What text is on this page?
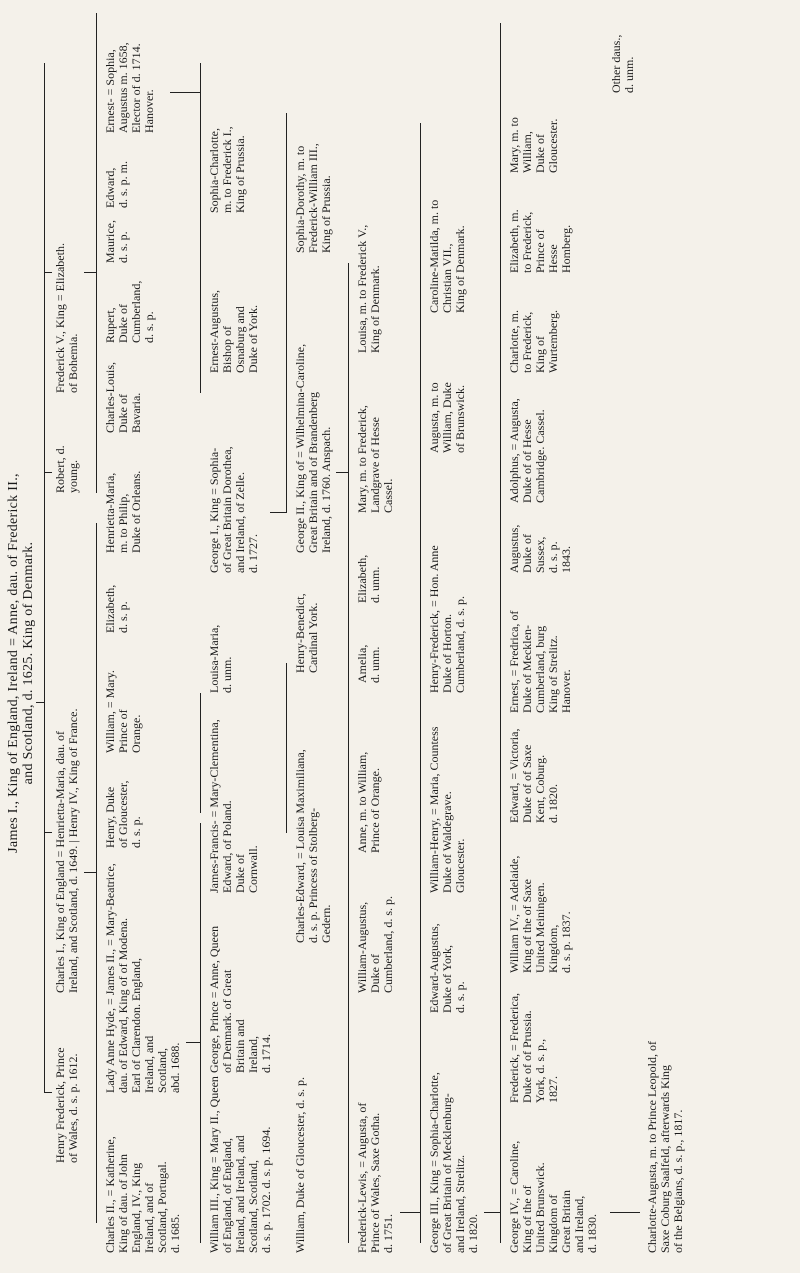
James I., King of England, Ireland = Anne, dau. of Frederick II.,
and Scotland, d. 1625. King of Denmark.
Henry Frederick, Prince
of Wales, d. s. p. 1612.
Charles I., King of England = Henrietta-Maria, dau. of
Ireland, and Scotland, d. 1649. | Henry IV., King of France.
Robert, d.
young.
Frederick V., King = Elizabeth.
of Bohemia.
Charles II., = Katherine,
King of dau. of John
England, IV., King
Ireland, and of
Scotland, Portugal.
d. 1685.
Lady Anne Hyde, = James II., = Mary-Beatrice,
dau. of Edward, King of of Modena.
Earl of Clarendon. England,
Ireland, and
Scotland,
abd. 1688.
Henry, Duke
of Gloucester,
d. s. p.
William, = Mary.
Prince of
Orange.
Elizabeth,
d. s. p.
Henrietta-Maria,
m. to Philip,
Duke of Orleans.
Charles-Louis,
Duke of
Bavaria.
Rupert,
Duke of
Cumberland,
d. s. p.
Maurice,
d. s. p.
Edward,
d. s. p. m.
Ernest- = Sophia,
Augustus m. 1658,
Elector of d. 1714.
Hanover.
William III., King = Mary II., Queen
of England, of England,
Ireland, and Ireland, and
Scotland, Scotland,
d. s. p. 1702. d. s. p. 1694.
George, Prince = Anne, Queen
of Denmark. of Great
Britain and
Ireland,
d. 1714.
James-Francis- = Mary-Clementina,
Edward, of Poland.
Duke of
Cornwall.
Louisa-Maria,
d. unm.
George I., King = Sophia-
of Great Britain Dorothea,
and Ireland, of Zelle.
d. 1727.
Ernest-Augustus,
Bishop of
Osnaburg and
Duke of York.
Sophia-Charlotte,
m. to Frederick I.,
King of Prussia.
William, Duke of Gloucester, d. s. p.
Charles-Edward, = Louisa Maximiliana,
d. s. p. Princess of Stolberg-
Gedern.
Henry-Benedict,
Cardinal York.
George II., King of = Wilhelmina-Caroline,
Great Britain and of Brandenberg
Ireland, d. 1760. Anspach.
Sophia-Dorothy, m. to
Frederick-William III.,
King of Prussia.
Frederick-Lewis, = Augusta, of
Prince of Wales, Saxe Gotha.
d. 1751.
William-Augustus,
Duke of
Cumberland, d. s. p.
Anne, m. to William,
Prince of Orange.
Amelia,
d. unm.
Elizabeth,
d. unm.
Mary, m. to Frederick,
Landgrave of Hesse
Cassel.
Louisa, m. to Frederick V.,
King of Denmark.
George III., King = Sophia-Charlotte,
of Great Britain of Mecklenburg-
and Ireland, Strelitz.
d. 1820.
Edward-Augustus,
Duke of York,
d. s. p.
William-Henry, = Maria, Countess
Duke of Waldegrave.
Gloucester.
Henry-Frederick, = Hon. Anne
Duke of Horton.
Cumberland, d. s. p.
Augusta, m. to
William, Duke
of Brunswick.
Caroline-Matilda, m. to
Christian VII.,
King of Denmark.
George IV., = Caroline,
King of the of
United Brunswick.
Kingdom of
Great Britain
and Ireland,
d. 1830.
Frederick, = Frederica,
Duke of of Prussia.
York, d. s. p.,
1827.
William IV., = Adelaide,
King of the of Saxe
United Meiningen.
Kingdom,
d. s. p. 1837.
Edward, = Victoria,
Duke of of Saxe
Kent, Coburg.
d. 1820.
Ernest, = Fredrica, of
Duke of Mecklen-
Cumberland, burg
King of Strelitz.
Hanover.
Augustus,
Duke of
Sussex,
d. s. p.
1843.
Adolphus, = Augusta,
Duke of of Hesse
Cambridge. Cassel.
Charlotte, m.
to Frederick,
King of
Wurtemberg.
Elizabeth, m.
to Frederick,
Prince of
Hesse
Homberg.
Mary, m. to
William,
Duke of
Gloucester.
Other daus.,
d. unm.
Charlotte-Augusta, m. to Prince Leopold, of
Saxe Coburg Saalfeld, afterwards King
of the Belgians, d. s. p., 1817.
